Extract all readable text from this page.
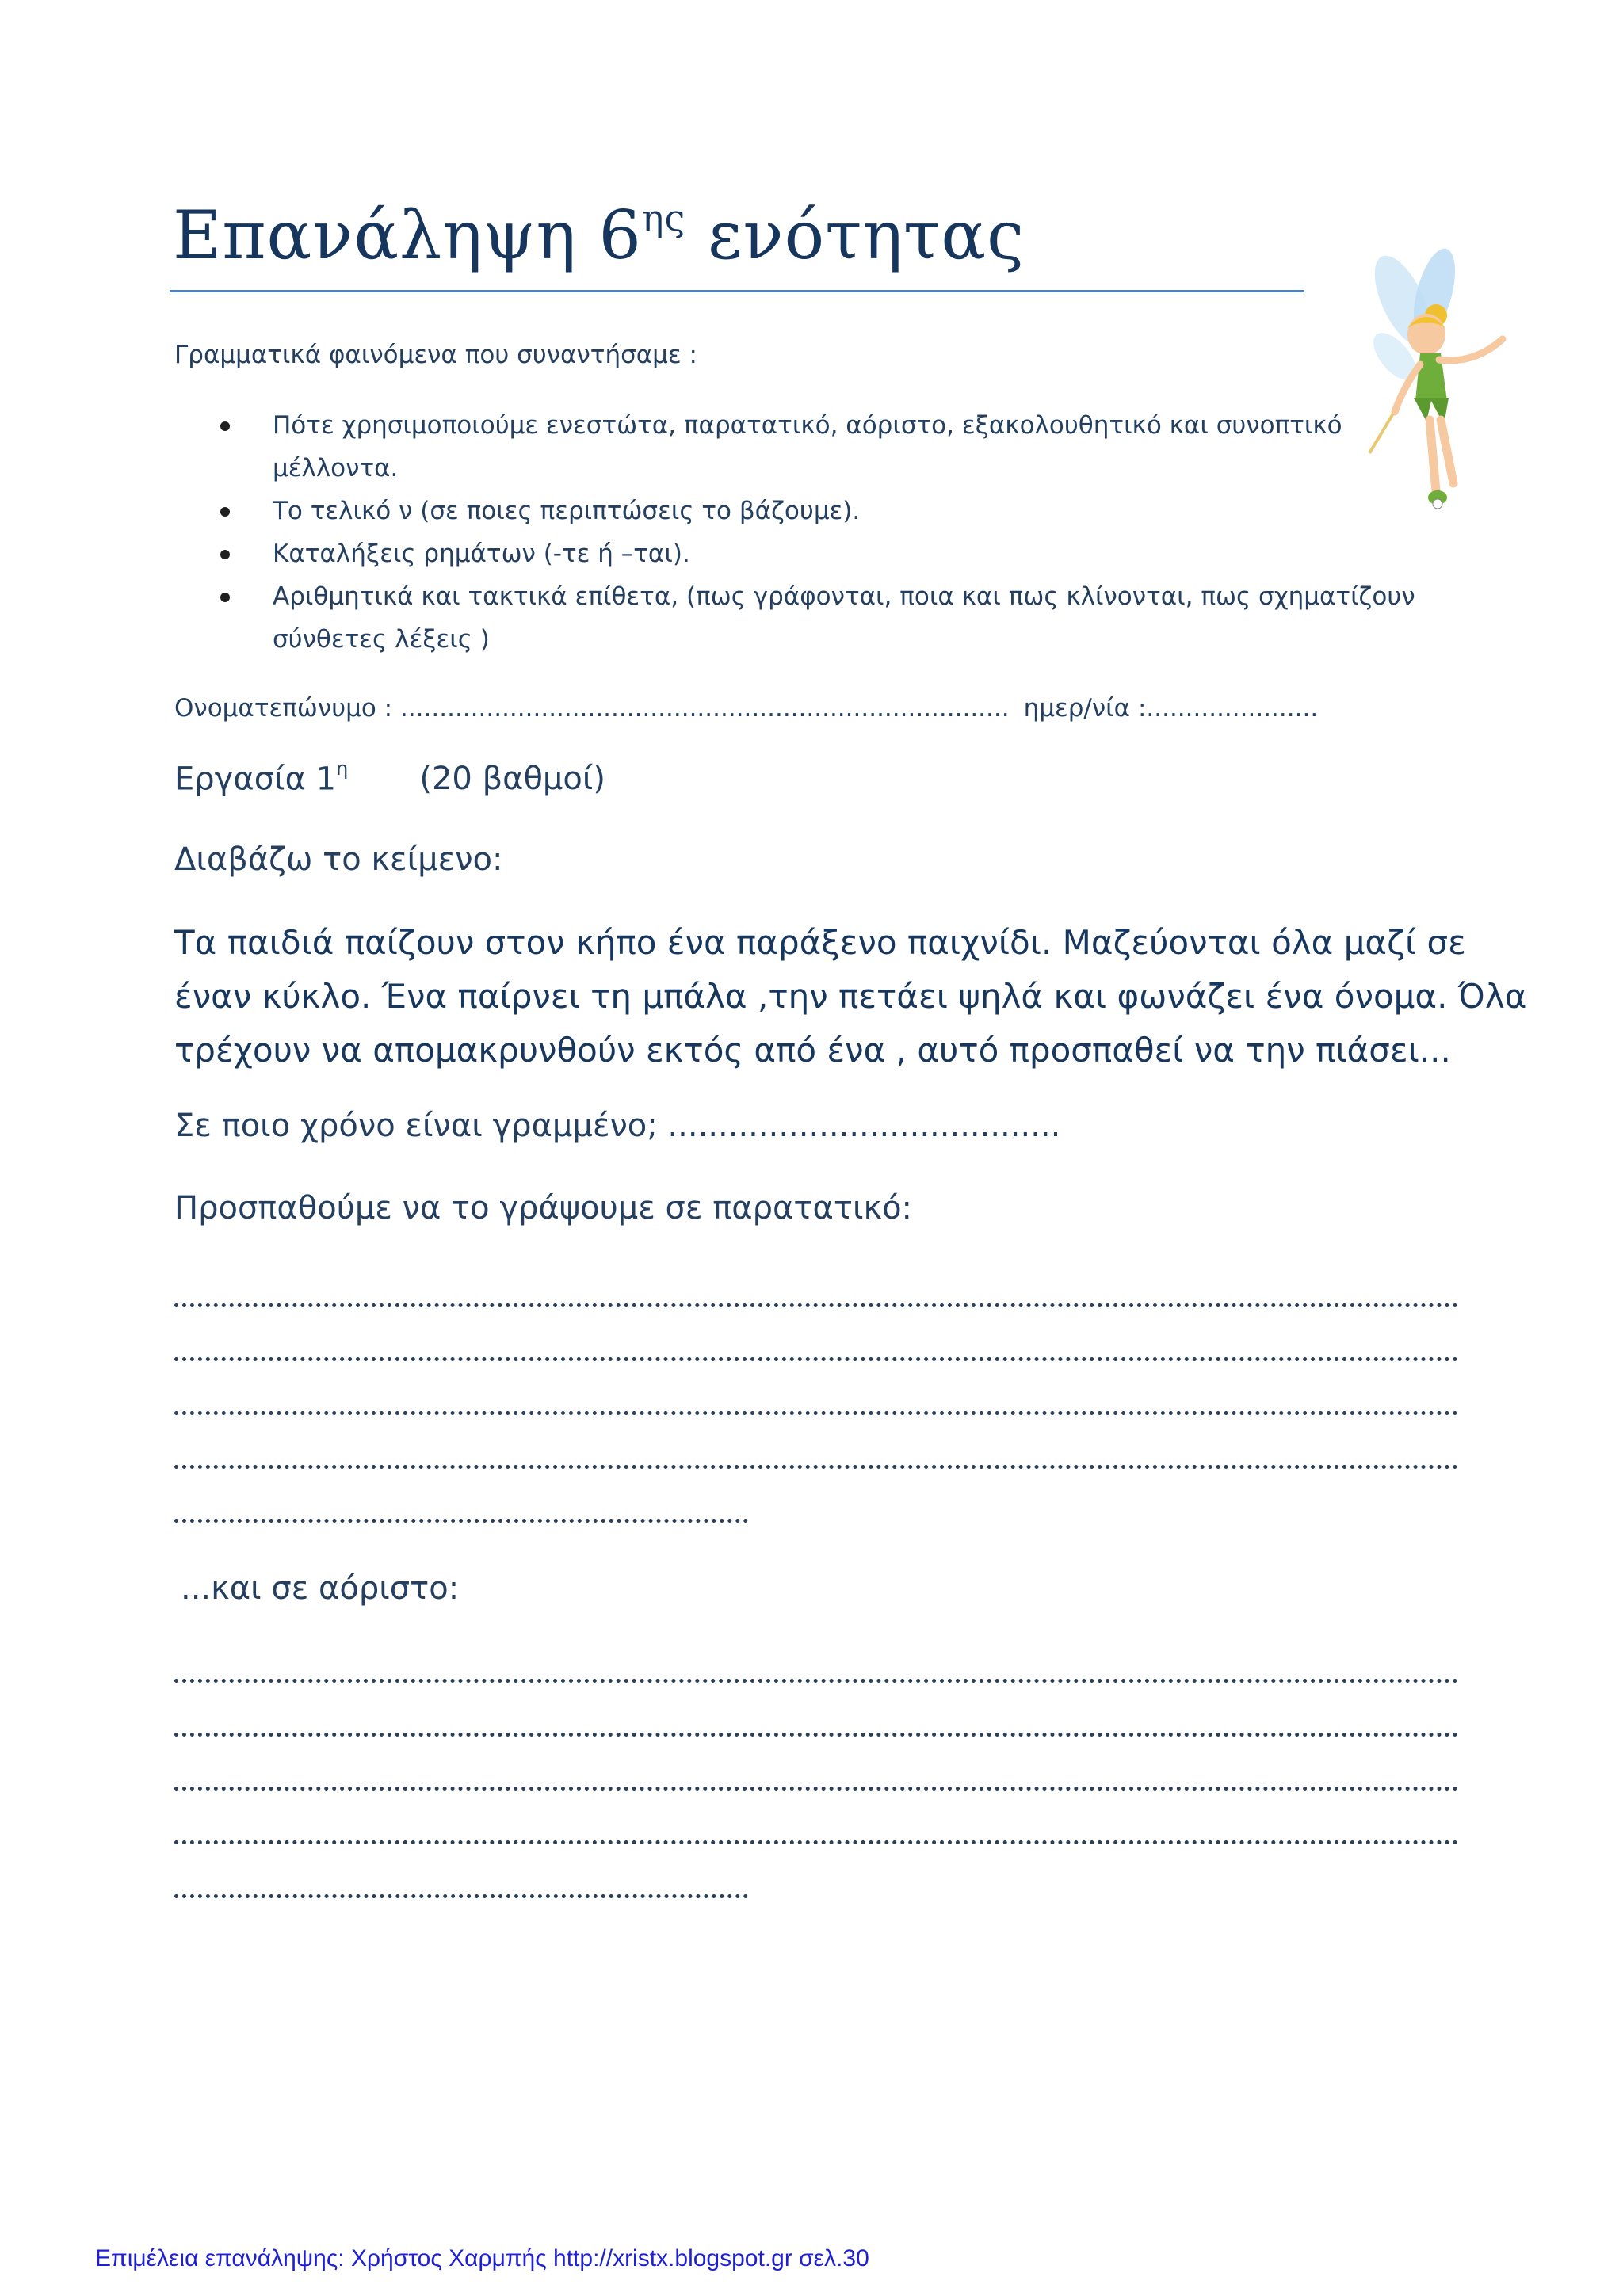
Επανάληψη $6^{\eta\varsigma}$ ενότητας
Γραμματικά φαινόμενα που συναντήσαμε :
Πότε χρησιμοποιούμε ενεστώτα, παρατατικό, αόριστο, εξακολουθητικό και συνοπτικό μέλλοντα.
Το τελικό ν (σε ποιες περιπτώσεις το βάζουμε).
Καταλήξεις ρημάτων (-τε ή –ται).
Αριθμητικά και τακτικά επίθετα, (πως γράφονται, ποια και πως κλίνονται, πως σχηματίζουν σύνθετες λέξεις )
Ονοματεπώνυμο : .............................................................................. ημερ/νία :......................
Εργασία $1^\eta$ (20 βαθμοί)
Διαβάζω το κείμενο:
Τα παιδιά παίζουν στον κήπο ένα παράξενο παιχνίδι. Μαζεύονται όλα μαζί σε
έναν κύκλο. Ένα παίρνει τη μπάλα ,την πετάει ψηλά και φωνάζει ένα όνομα. Όλα
τρέχουν να απομακρυνθούν εκτός από ένα , αυτό προσπαθεί να την πιάσει...
Σε ποιο χρόνο είναι γραμμένο; .......................................
Προσπαθούμε να το γράψουμε σε παρατατικό:
...και σε αόριστο:
Επιμέλεια επανάληψης: Χρήστος Χαρμπής http://xristx.blogspot.gr σελ.30
